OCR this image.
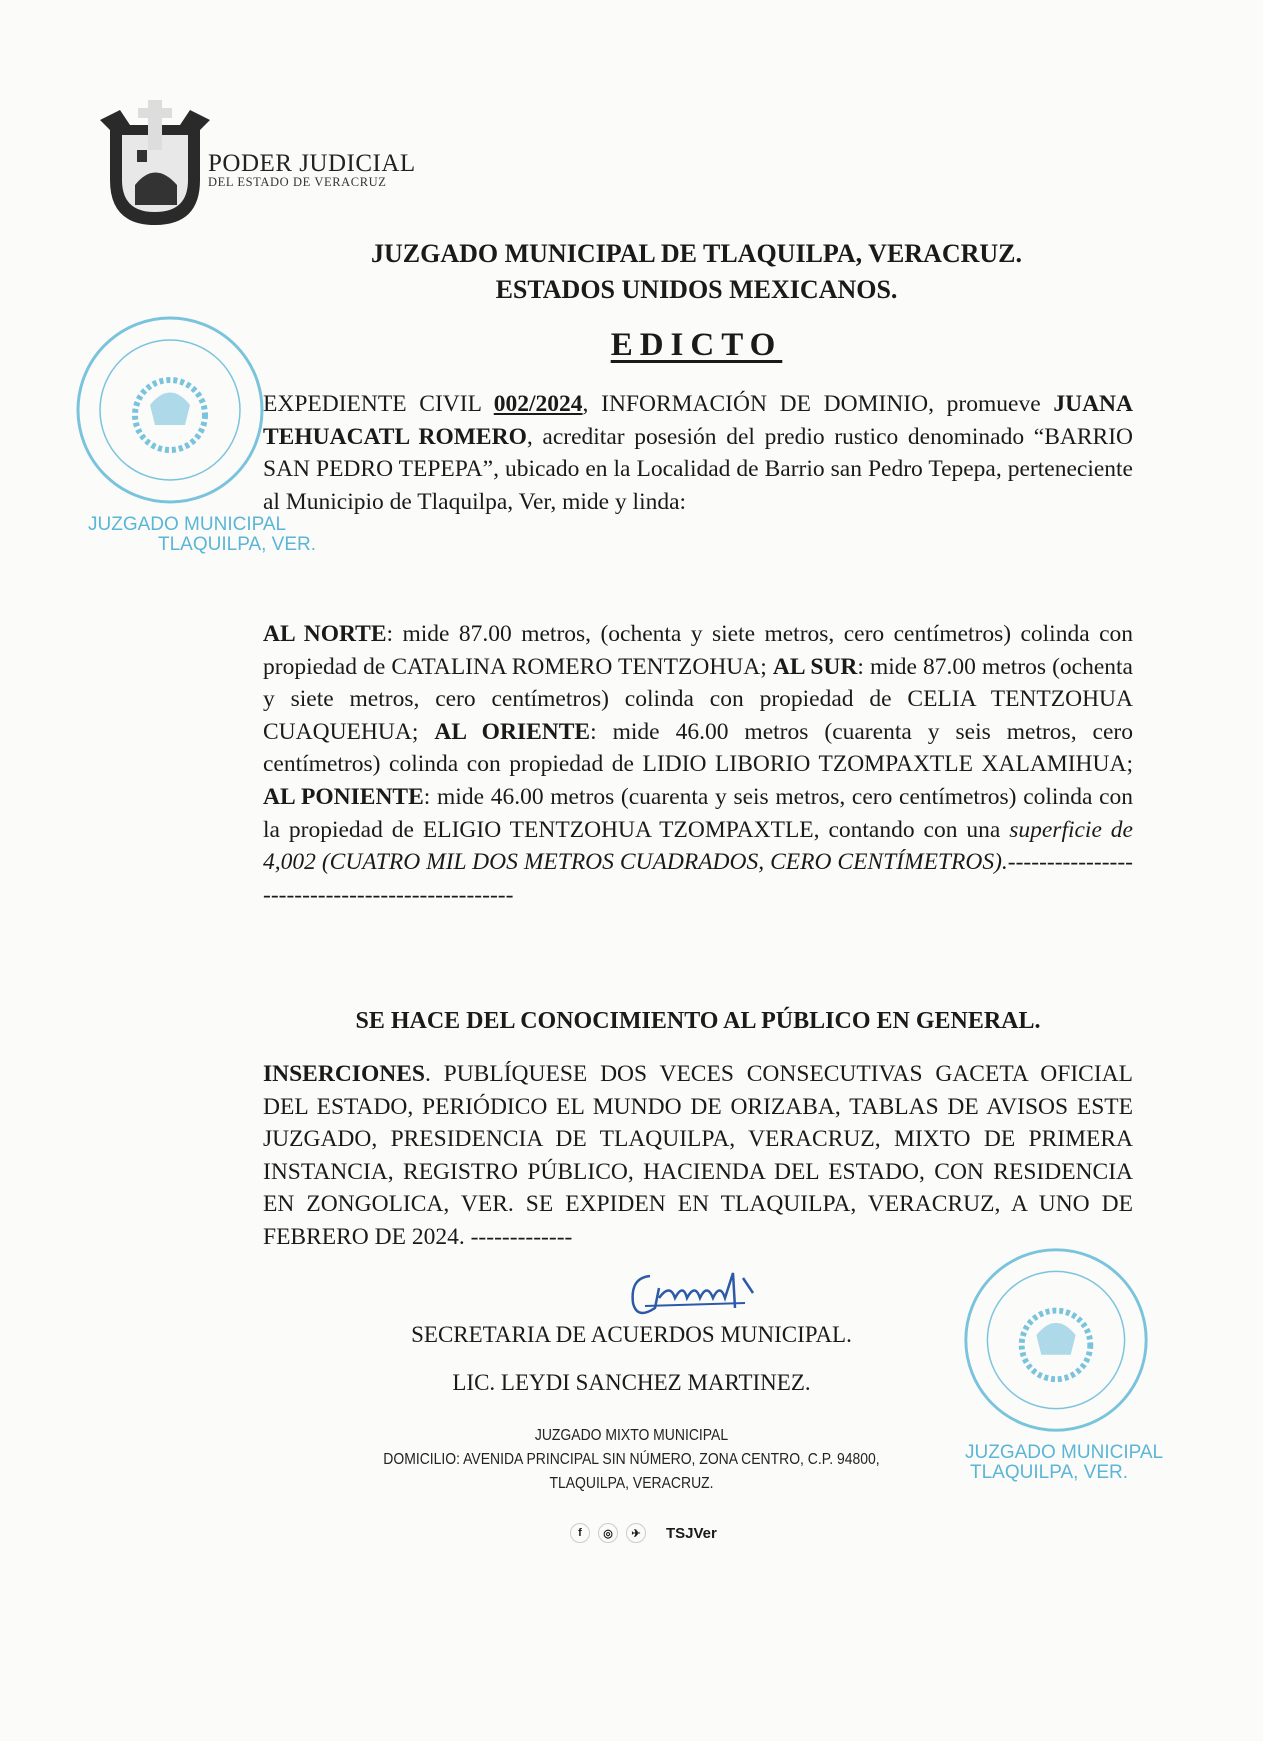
PODER JUDICIAL
DEL ESTADO DE VERACRUZ
JUZGADO MUNICIPAL DE TLAQUILPA, VERACRUZ.
ESTADOS UNIDOS MEXICANOS.
EDICTO
JUZGADO MUNICIPAL
TLAQUILPA, VER.
EXPEDIENTE CIVIL 002/2024, INFORMACIÓN DE DOMINIO, promueve JUANA TEHUACATL ROMERO, acreditar posesión del predio rustico denominado “BARRIO SAN PEDRO TEPEPA”, ubicado en la Localidad de Barrio san Pedro Tepepa, perteneciente al Municipio de Tlaquilpa, Ver, mide y linda:
AL NORTE: mide 87.00 metros, (ochenta y siete metros, cero centímetros) colinda con propiedad de CATALINA ROMERO TENTZOHUA; AL SUR: mide 87.00 metros (ochenta y siete metros, cero centímetros) colinda con propiedad de CELIA TENTZOHUA CUAQUEHUA; AL ORIENTE: mide 46.00 metros (cuarenta y seis metros, cero centímetros) colinda con propiedad de LIDIO LIBORIO TZOMPAXTLE XALAMIHUA; AL PONIENTE: mide 46.00 metros (cuarenta y seis metros, cero centímetros) colinda con la propiedad de ELIGIO TENTZOHUA TZOMPAXTLE, contando con una superficie de 4,002 (CUATRO MIL DOS METROS CUADRADOS, CERO CENTÍMETROS).------------------------------------------------
SE HACE DEL CONOCIMIENTO AL PÚBLICO EN GENERAL.
INSERCIONES. PUBLÍQUESE DOS VECES CONSECUTIVAS GACETA OFICIAL DEL ESTADO, PERIÓDICO EL MUNDO DE ORIZABA, TABLAS DE AVISOS ESTE JUZGADO, PRESIDENCIA DE TLAQUILPA, VERACRUZ, MIXTO DE PRIMERA INSTANCIA, REGISTRO PÚBLICO, HACIENDA DEL ESTADO, CON RESIDENCIA EN ZONGOLICA, VER. SE EXPIDEN EN TLAQUILPA, VERACRUZ, A UNO DE FEBRERO DE 2024. -------------
SECRETARIA DE ACUERDOS MUNICIPAL.
LIC. LEYDI SANCHEZ MARTINEZ.
JUZGADO MUNICIPAL
TLAQUILPA, VER.
JUZGADO MIXTO MUNICIPAL
DOMICILIO: AVENIDA PRINCIPAL SIN NÚMERO, ZONA CENTRO, C.P. 94800,
TLAQUILPA, VERACRUZ.
f	◎	✈	TSJVer
